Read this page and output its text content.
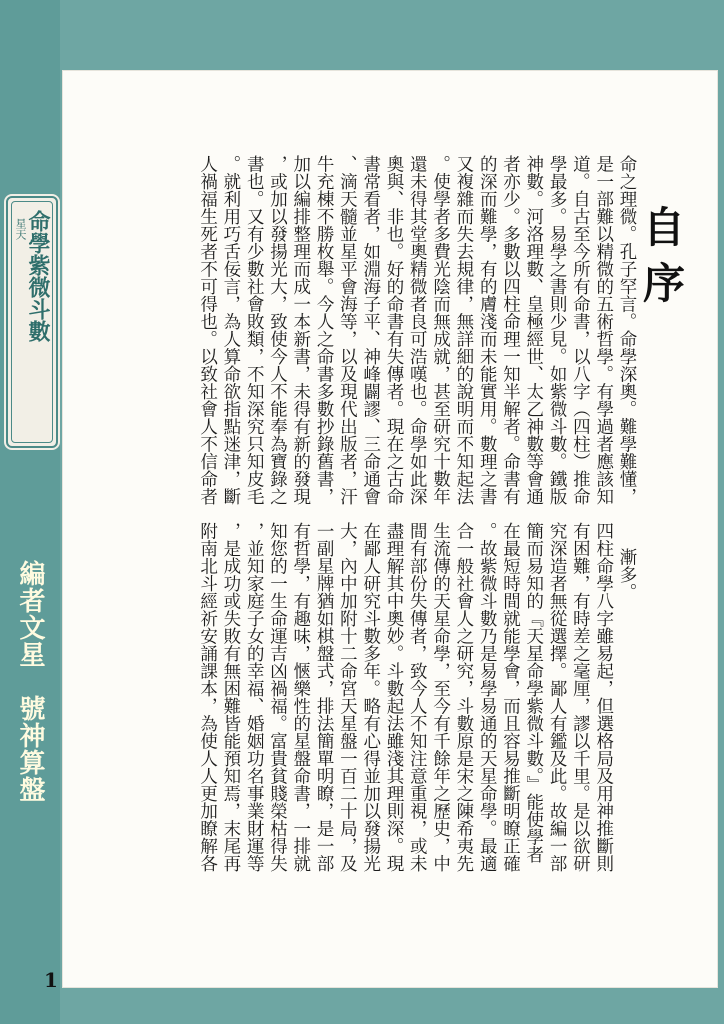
星天
命學紫微斗數
編者文星　號神算盤
自序
命之理微。孔子罕言。命學深奧。難學難懂，
是一部難以精微的五術哲學。有學過者應該知
道。自古至今所有命書，以八字（四柱）推命
學最多。易學之書則少見。如紫微斗數。鐵版
神數。河洛理數、皇極經世、太乙神數等會通
者亦少。多數以四柱命理一知半解者。命書有
的深而難學，有的膚淺而未能實用。數理之書
又複雜而失去規律，無詳細的說明而不知起法
。使學者多費光陰而無成就，甚至研究十數年
還未得其堂奧精微者良可浩嘆也。命學如此深
奧與、非也。好的命書有失傳者。現在之古命
書常看者，如淵海子平、神峰闢謬、三命通會
、滴天髓並星平會海等，以及現代出版者，汗
牛充棟不勝枚舉。今人之命書多數抄錄舊書，
加以編排整理而成一本新書，未得有新的發現
，或加以發揚光大，致使今人不能奉為寶錄之
書也。又有少數社會敗類，不知深究只知皮毛
。就利用巧舌佞言，為人算命欲指點迷津，斷
人禍福生死者不可得也。以致社會人不信命者
漸多。
四柱命學八字雖易起，但選格局及用神推斷則
有困難，有時差之毫厘，謬以千里。是以欲研
究深造者無從選擇。鄙人有鑑及此。故編一部
簡而易知的『天星命學紫微斗數。』能使學者
在最短時間就能學會，而且容易推斷明瞭正確
。故紫微斗數乃是易學易通的天星命學。最適
合一般社會人之研究，斗數原是宋之陳希夷先
生流傳的天星命學，至今有千餘年之歷史，中
間有部份失傳者，致今人不知注意重視，或未
盡理解其中奧妙。斗數起法雖淺其理則深。現
在鄙人研究斗數多年。略有心得並加以發揚光
大，內中加附十二命宮天星盤一百二十局，及
一副星牌猶如棋盤式，排法簡單明瞭，是一部
有哲學，有趣味，愜樂性的星盤命書，一排就
知您的一生命運吉凶禍福。富貴貧賤榮枯得失
，並知家庭子女的幸福、婚姻功名事業財運等
，是成功或失敗有無困難皆能預知焉，末尾再
附南北斗經祈安誦課本，為使人人更加瞭解各
1
